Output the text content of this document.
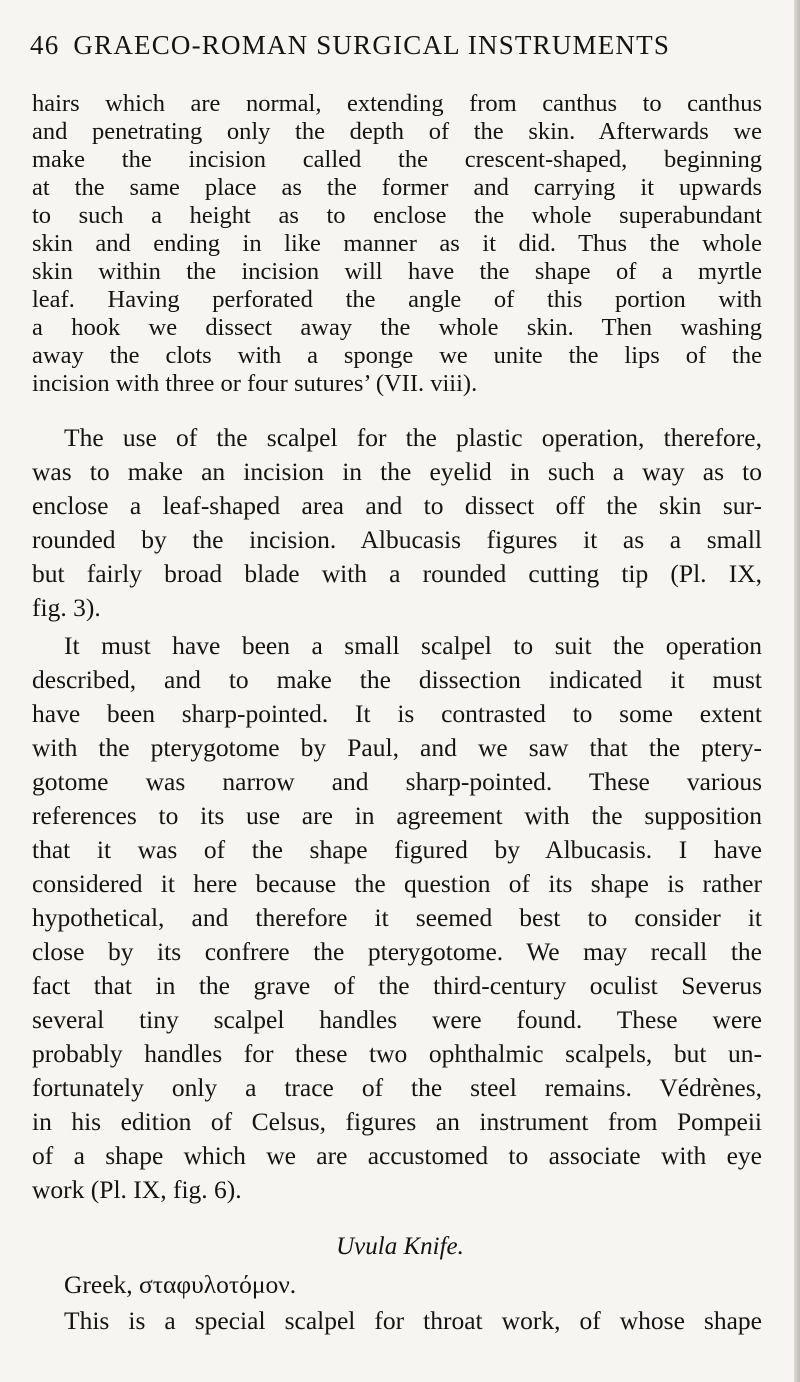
46 GRAECO-ROMAN SURGICAL INSTRUMENTS
hairs which are normal, extending from canthus to canthus
and penetrating only the depth of the skin. Afterwards we
make the incision called the crescent-shaped, beginning
at the same place as the former and carrying it upwards
to such a height as to enclose the whole superabundant
skin and ending in like manner as it did. Thus the whole
skin within the incision will have the shape of a myrtle
leaf. Having perforated the angle of this portion with
a hook we dissect away the whole skin. Then washing
away the clots with a sponge we unite the lips of the
incision with three or four sutures’ (VII. viii).
The use of the scalpel for the plastic operation, therefore,
was to make an incision in the eyelid in such a way as to
enclose a leaf-shaped area and to dissect off the skin sur-
rounded by the incision. Albucasis figures it as a small
but fairly broad blade with a rounded cutting tip (Pl. IX,
fig. 3).
It must have been a small scalpel to suit the operation
described, and to make the dissection indicated it must
have been sharp-pointed. It is contrasted to some extent
with the pterygotome by Paul, and we saw that the ptery-
gotome was narrow and sharp-pointed. These various
references to its use are in agreement with the supposition
that it was of the shape figured by Albucasis. I have
considered it here because the question of its shape is rather
hypothetical, and therefore it seemed best to consider it
close by its confrere the pterygotome. We may recall the
fact that in the grave of the third-century oculist Severus
several tiny scalpel handles were found. These were
probably handles for these two ophthalmic scalpels, but un-
fortunately only a trace of the steel remains. Védrènes,
in his edition of Celsus, figures an instrument from Pompeii
of a shape which we are accustomed to associate with eye
work (Pl. IX, fig. 6).
Uvula Knife.
Greek, σταφυλοτόμον.
This is a special scalpel for throat work, of whose shape
